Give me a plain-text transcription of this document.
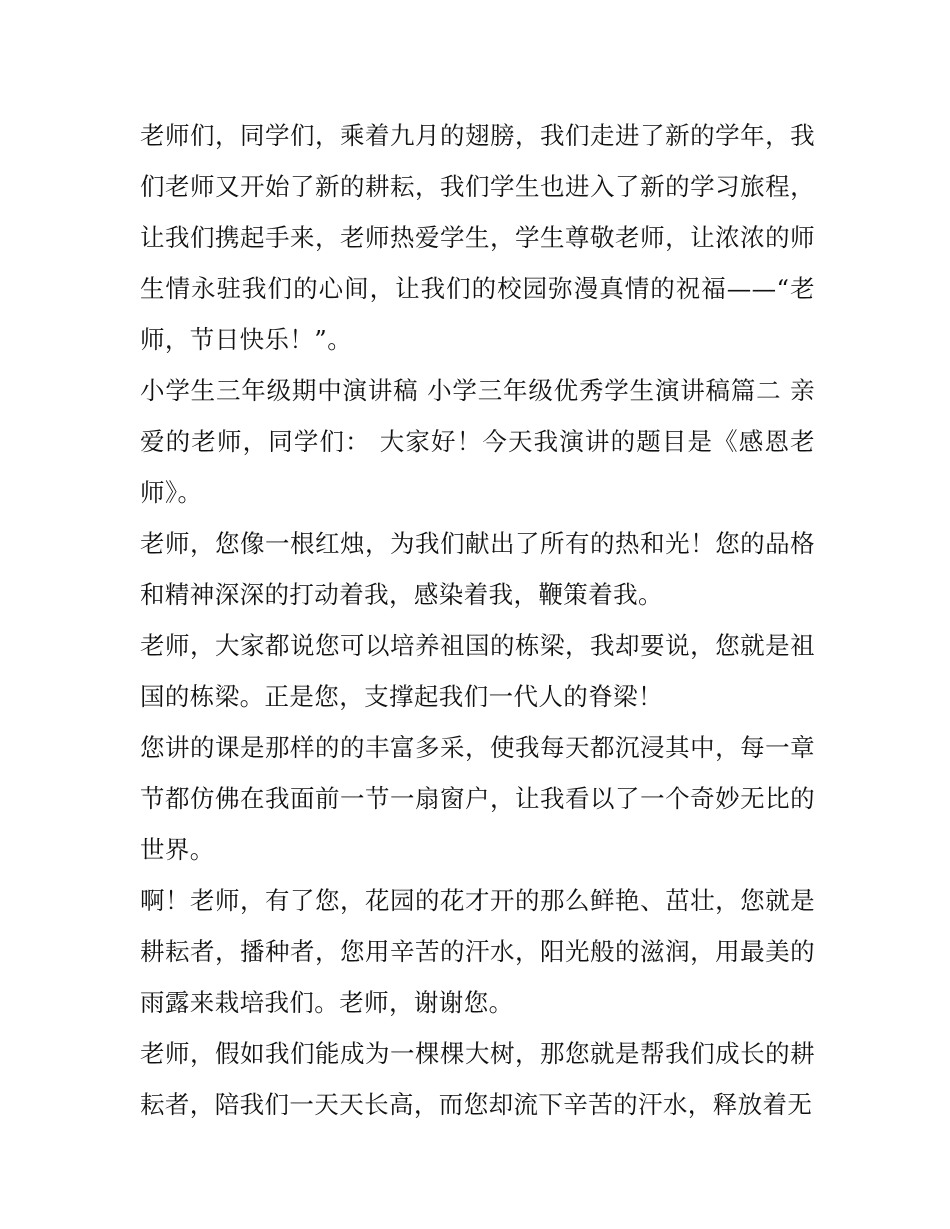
老师们，同学们，乘着九月的翅膀，我们走进了新的学年，我们老师又开始了新的耕耘，我们学生也进入了新的学习旅程，让我们携起手来，老师热爱学生，学生尊敬老师，让浓浓的师生情永驻我们的心间，让我们的校园弥漫真情的祝福——“老师，节日快乐！”。

小学生三年级期中演讲稿 小学三年级优秀学生演讲稿篇二 亲爱的老师，同学们： 大家好！今天我演讲的题目是《感恩老师》。

老师，您像一根红烛，为我们献出了所有的热和光！您的品格和精神深深的打动着我，感染着我，鞭策着我。

老师，大家都说您可以培养祖国的栋梁，我却要说，您就是祖国的栋梁。正是您，支撑起我们一代人的脊梁！

您讲的课是那样的的丰富多采，使我每天都沉浸其中，每一章节都仿佛在我面前一节一扇窗户，让我看以了一个奇妙无比的世界。

啊！老师，有了您，花园的花才开的那么鲜艳、茁壮，您就是耕耘者，播种者，您用辛苦的汗水，阳光般的滋润，用最美的雨露来栽培我们。老师，谢谢您。

老师，假如我们能成为一棵棵大树，那您就是帮我们成长的耕耘者，陪我们一天天长高，而您却流下辛苦的汗水，释放着无
